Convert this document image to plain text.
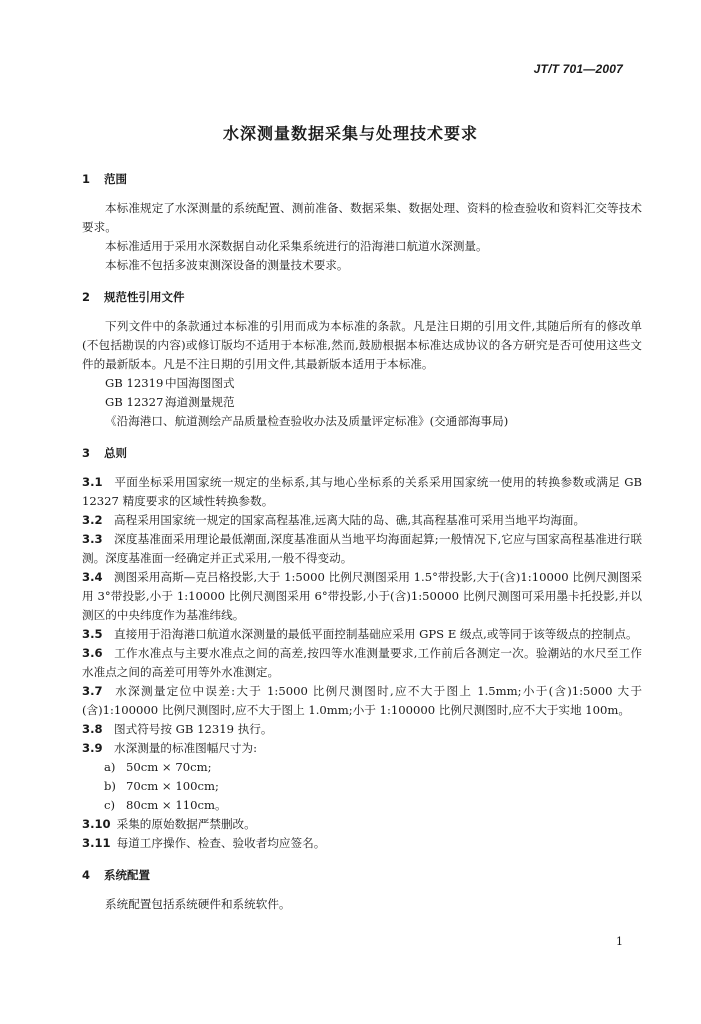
JT/T 701—2007
水深测量数据采集与处理技术要求
1 范围

本标准规定了水深测量的系统配置、测前准备、数据采集、数据处理、资料的检查验收和资料汇交等技术要求。

本标准适用于采用水深数据自动化采集系统进行的沿海港口航道水深测量。

本标准不包括多波束测深设备的测量技术要求。

2 规范性引用文件

下列文件中的条款通过本标准的引用而成为本标准的条款。凡是注日期的引用文件,其随后所有的修改单(不包括勘误的内容)或修订版均不适用于本标准,然而,鼓励根据本标准达成协议的各方研究是否可使用这些文件的最新版本。凡是不注日期的引用文件,其最新版本适用于本标准。

GB 12319 中国海图图式

GB 12327 海道测量规范

《沿海港口、航道测绘产品质量检查验收办法及质量评定标准》(交通部海事局)

3 总则

3.1 平面坐标采用国家统一规定的坐标系,其与地心坐标系的关系采用国家统一使用的转换参数或满足 GB 12327 精度要求的区域性转换参数。

3.2 高程采用国家统一规定的国家高程基准,远离大陆的岛、礁,其高程基准可采用当地平均海面。

3.3 深度基准面采用理论最低潮面,深度基准面从当地平均海面起算;一般情况下,它应与国家高程基准进行联测。深度基准面一经确定并正式采用,一般不得变动。

3.4 测图采用高斯—克吕格投影,大于 1:5000 比例尺测图采用 1.5°带投影,大于(含)1:10000 比例尺测图采用 3°带投影,小于 1:10000 比例尺测图采用 6°带投影,小于(含)1:50000 比例尺测图可采用墨卡托投影,并以测区的中央纬度作为基准纬线。

3.5 直接用于沿海港口航道水深测量的最低平面控制基础应采用 GPS E 级点,或等同于该等级点的控制点。

3.6 工作水准点与主要水准点之间的高差,按四等水准测量要求,工作前后各测定一次。验潮站的水尺至工作水准点之间的高差可用等外水准测定。

3.7 水深测量定位中误差:大于 1:5000 比例尺测图时,应不大于图上 1.5mm;小于(含)1:5000 大于(含)1:100000 比例尺测图时,应不大于图上 1.0mm;小于 1:100000 比例尺测图时,应不大于实地 100m。

3.8 图式符号按 GB 12319 执行。

3.9 水深测量的标准图幅尺寸为:

a) 50cm × 70cm;

b) 70cm × 100cm;

c) 80cm × 110cm。

3.10 采集的原始数据严禁删改。

3.11 每道工序操作、检查、验收者均应签名。

4 系统配置

系统配置包括系统硬件和系统软件。

1
